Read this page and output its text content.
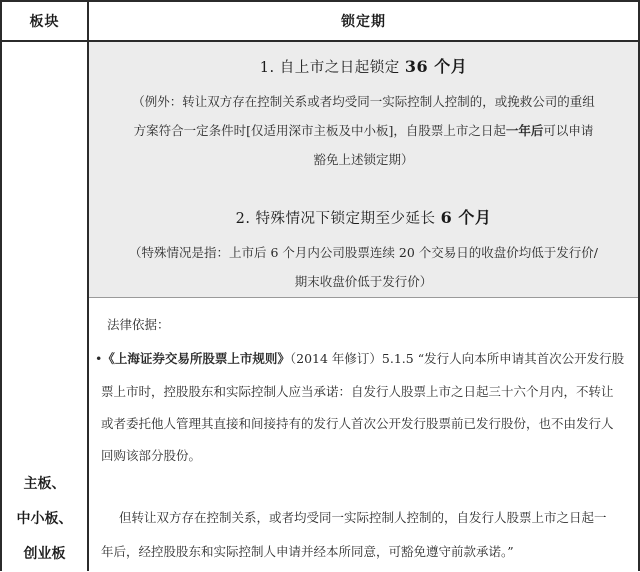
板块	锁定期
主板、
中小板、
创业板
1. 自上市之日起锁定 36 个月
（例外：转让双方存在控制关系或者均受同一实际控制人控制的，或挽救公司的重组
方案符合一定条件时[仅适用深市主板及中小板]，自股票上市之日起一年后可以申请
豁免上述锁定期）
2. 特殊情况下锁定期至少延长 6 个月
（特殊情况是指：上市后 6 个月内公司股票连续 20 个交易日的收盘价均低于发行价/
期末收盘价低于发行价）
法律依据：
•《上海证券交易所股票上市规则》（2014 年修订）5.1.5 “发行人向本所申请其首次公开发行股
票上市时，控股股东和实际控制人应当承诺：自发行人股票上市之日起三十六个月内，不转让
或者委托他人管理其直接和间接持有的发行人首次公开发行股票前已发行股份，也不由发行人
回购该部分股份。
但转让双方存在控制关系，或者均受同一实际控制人控制的，自发行人股票上市之日起一
年后，经控股股东和实际控制人申请并经本所同意，可豁免遵守前款承诺。”
